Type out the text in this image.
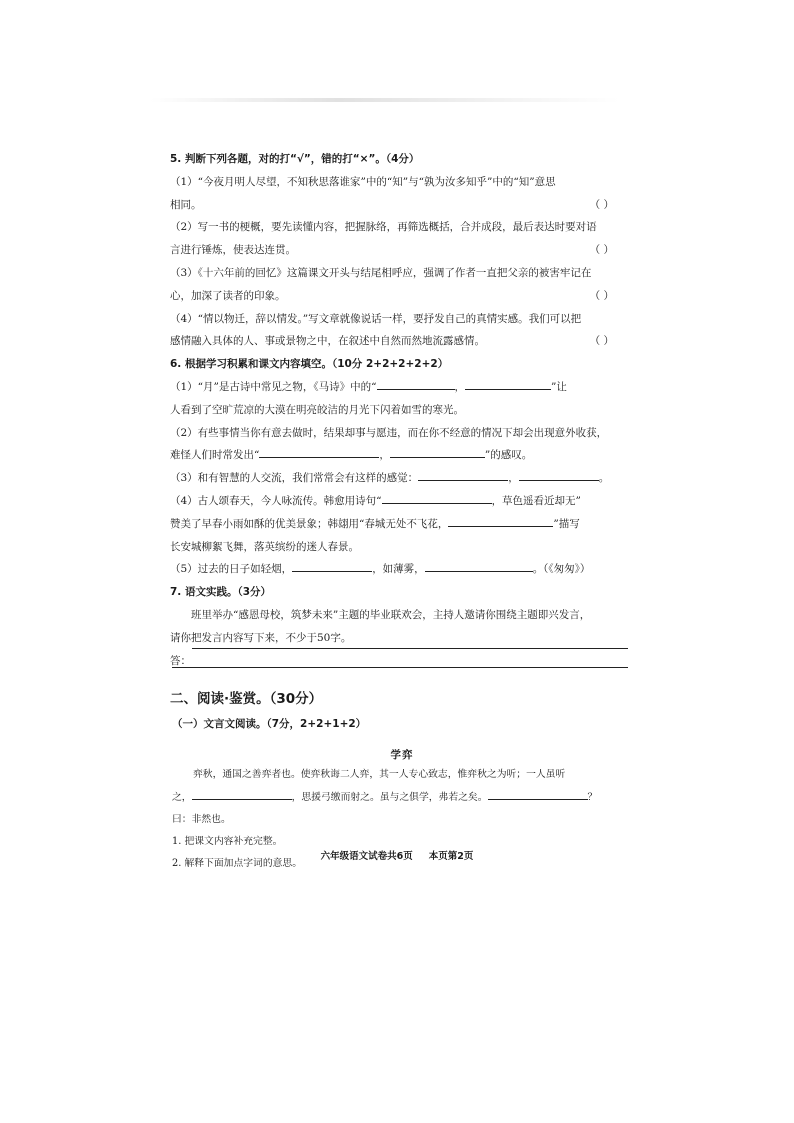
5. 判断下列各题，对的打“√”，错的打“×”。（4分）
（1）“今夜月明人尽望，不知秋思落谁家”中的“知”与“孰为汝多知乎”中的“知”意思
相同。	（ ）
（2）写一书的梗概，要先读懂内容，把握脉络，再筛选概括，合并成段，最后表达时要对语
言进行锤炼，使表达连贯。	（ ）
（3）《十六年前的回忆》这篇课文开头与结尾相呼应，强调了作者一直把父亲的被害牢记在
心，加深了读者的印象。	（ ）
（4）“情以物迁，辞以情发。”写文章就像说话一样，要抒发自己的真情实感。我们可以把
感情融入具体的人、事或景物之中，在叙述中自然而然地流露感情。	（ ）
6. 根据学习积累和课文内容填空。（10分 2+2+2+2+2）
（1）“月”是古诗中常见之物，《马诗》中的“	，	”让
人看到了空旷荒凉的大漠在明亮皎洁的月光下闪着如雪的寒光。
（2）有些事情当你有意去做时，结果却事与愿违，而在你不经意的情况下却会出现意外收获，
难怪人们时常发出“	，	”的感叹。
（3）和有智慧的人交流，我们常常会有这样的感觉：	，	。
（4）古人颂春天，今人咏流传。韩愈用诗句“	，草色遥看近却无”
赞美了早春小雨如酥的优美景象；韩翃用“春城无处不飞花，	”描写
长安城柳絮飞舞，落英缤纷的迷人春景。
（5）过去的日子如轻烟，	，如薄雾，	。（《匆匆》）
7. 语文实践。（3分）
班里举办“感恩母校，筑梦未来”主题的毕业联欢会，主持人邀请你围绕主题即兴发言，
请你把发言内容写下来，不少于50字。
答：
二、阅读·鉴赏。（30分）
（一）文言文阅读。（7分，2+2+1+2）
学弈
弈秋，通国之善弈者也。使弈秋诲二人弈，其一人专心致志，惟弈秋之为听；一人虽听
之，	，思援弓缴而射之。虽与之俱学，弗若之矣。	？
曰：非然也。
1. 把课文内容补充完整。
2. 解释下面加点字词的意思。
六年级语文试卷共6页 本页第2页
